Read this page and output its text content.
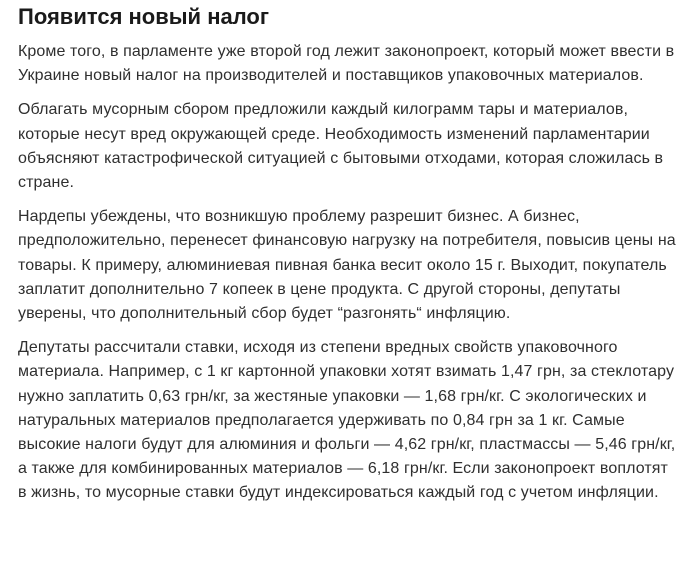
Появится новый налог

Кроме того, в парламенте уже второй год лежит законопроект, который может ввести в Украине новый налог на производителей и поставщиков упаковочных материалов.

Облагать мусорным сбором предложили каждый килограмм тары и материалов, которые несут вред окружающей среде. Необходимость изменений парламентарии объясняют катастрофической ситуацией с бытовыми отходами, которая сложилась в стране.

Нардепы убеждены, что возникшую проблему разрешит бизнес. А бизнес, предположительно, перенесет финансовую нагрузку на потребителя, повысив цены на товары. К примеру, алюминиевая пивная банка весит около 15 г. Выходит, покупатель заплатит дополнительно 7 копеек в цене продукта. С другой стороны, депутаты уверены, что дополнительный сбор будет “разгонять“ инфляцию.

Депутаты рассчитали ставки, исходя из степени вредных свойств упаковочного материала. Например, с 1 кг картонной упаковки хотят взимать 1,47 грн, за стеклотару нужно заплатить 0,63 грн/кг, за жестяные упаковки — 1,68 грн/кг. С экологических и натуральных материалов предполагается удерживать по 0,84 грн за 1 кг. Самые высокие налоги будут для алюминия и фольги — 4,62 грн/кг, пластмассы — 5,46 грн/кг, а также для комбинированных материалов — 6,18 грн/кг. Если законопроект воплотят в жизнь, то мусорные ставки будут индексироваться каждый год с учетом инфляции.
